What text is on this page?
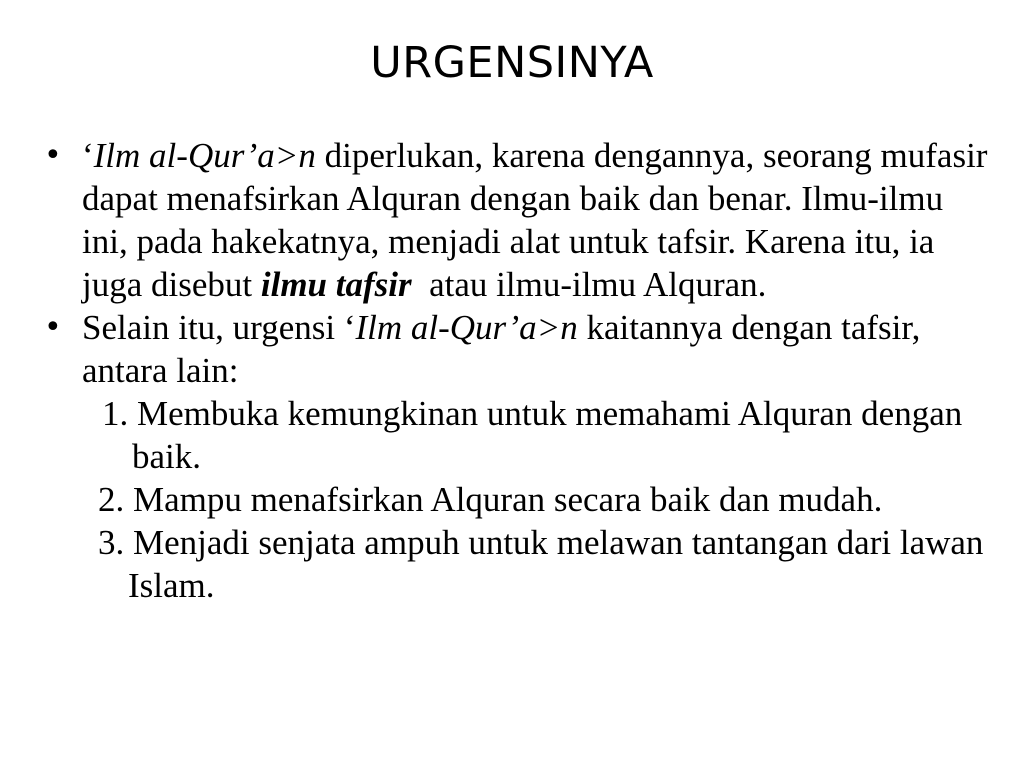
URGENSINYA

• ‘Ilm al-Qur’a>n diperlukan, karena dengannya, seorang mufasir dapat menafsirkan Alquran dengan baik dan benar. Ilmu-ilmu ini, pada hakekatnya, menjadi alat untuk tafsir. Karena itu, ia juga disebut ilmu tafsir  atau ilmu-ilmu Alquran.

• Selain itu, urgensi ‘Ilm al-Qur’a>n kaitannya dengan tafsir, antara lain:

1. Membuka kemungkinan untuk memahami Alquran dengan baik.

2. Mampu menafsirkan Alquran secara baik dan mudah.

3. Menjadi senjata ampuh untuk melawan tantangan dari lawan Islam.
